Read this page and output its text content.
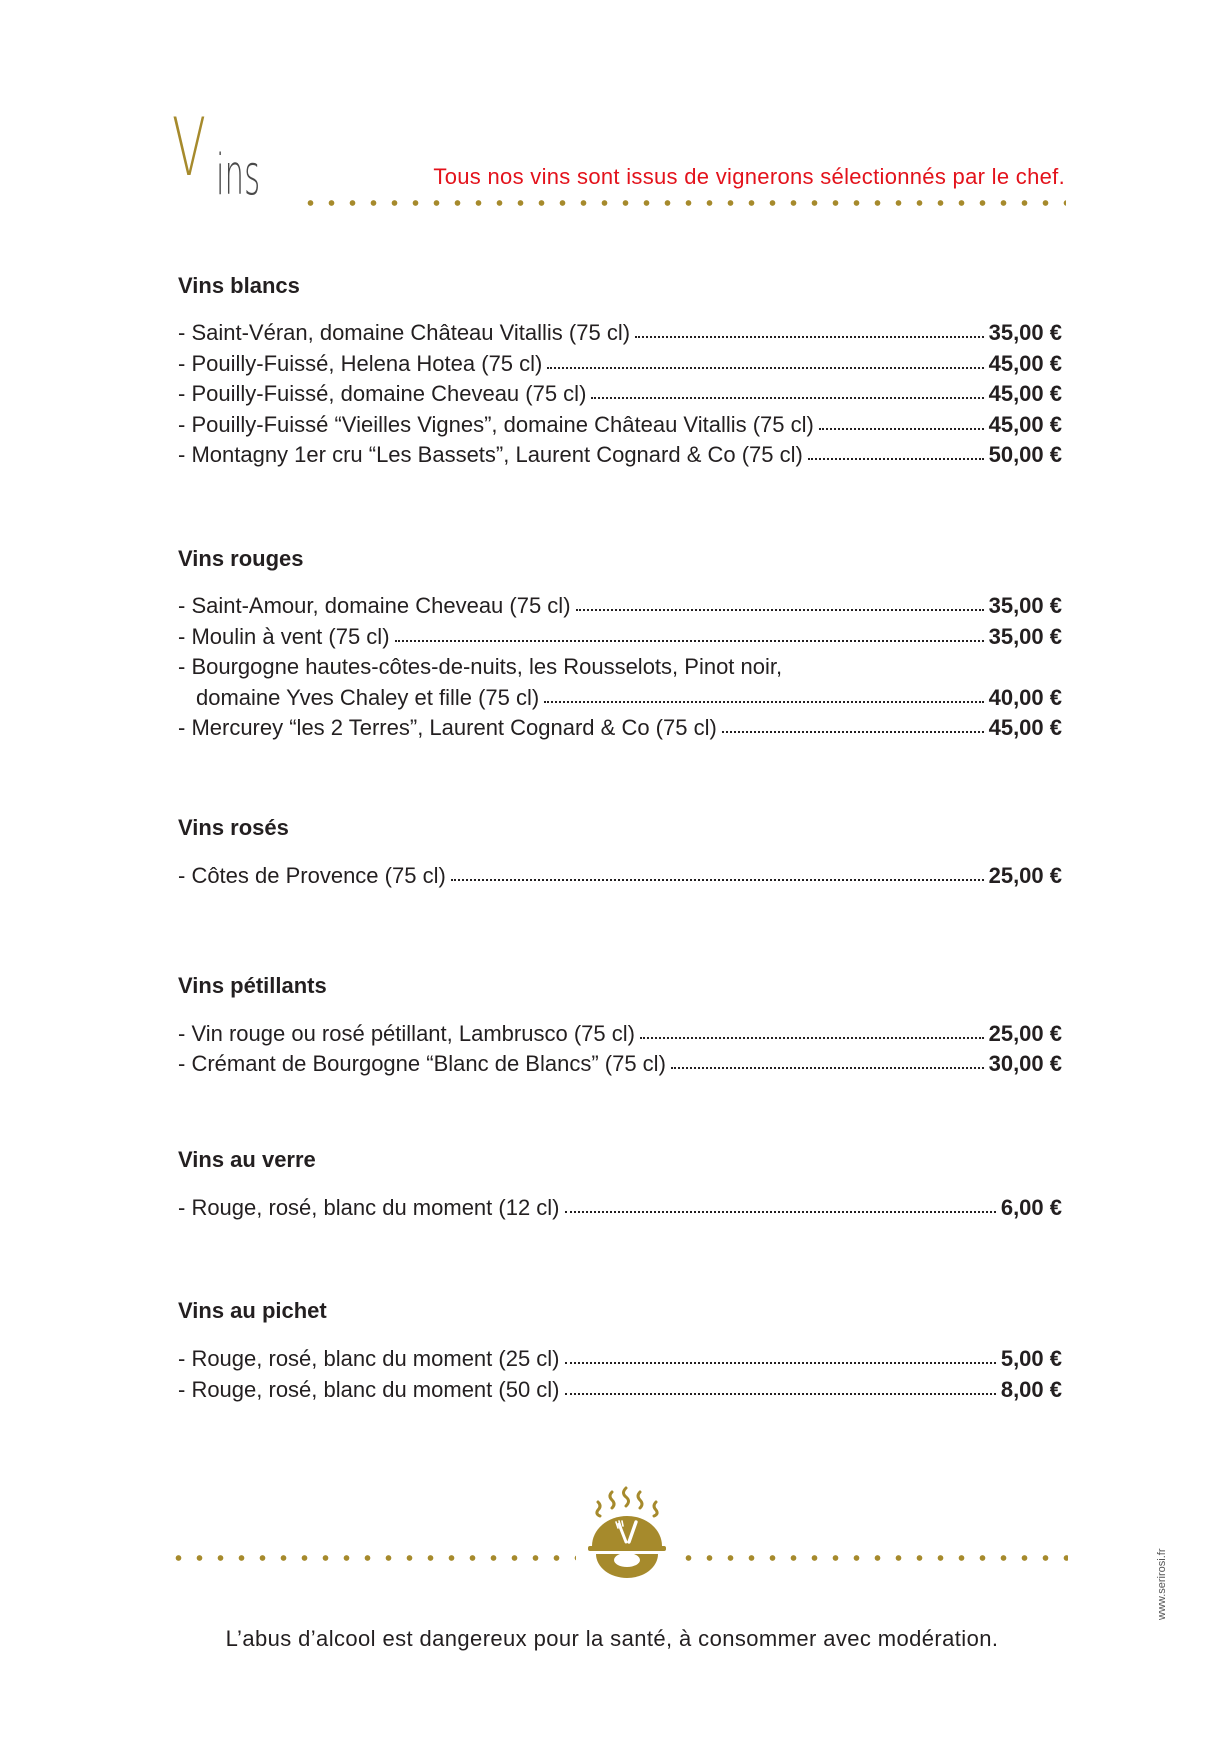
V ins	Tous nos vins sont issus de vignerons sélectionnés par le chef.
Vins blancs
- Saint-Véran, domaine Château Vitallis (75 cl)	35,00 €
- Pouilly-Fuissé, Helena Hotea (75 cl)	45,00 €
- Pouilly-Fuissé, domaine Cheveau (75 cl)	45,00 €
- Pouilly-Fuissé “Vieilles Vignes”, domaine Château Vitallis (75 cl)	45,00 €
- Montagny 1er cru “Les Bassets”, Laurent Cognard & Co (75 cl)	50,00 €
Vins rouges
- Saint-Amour, domaine Cheveau (75 cl)	35,00 €
- Moulin à vent (75 cl)	35,00 €
- Bourgogne hautes-côtes-de-nuits, les Rousselots, Pinot noir,
domaine Yves Chaley et fille (75 cl)	40,00 €
- Mercurey “les 2 Terres”, Laurent Cognard & Co (75 cl)	45,00 €
Vins rosés
- Côtes de Provence (75 cl)	25,00 €
Vins pétillants
- Vin rouge ou rosé pétillant, Lambrusco (75 cl)	25,00 €
- Crémant de Bourgogne “Blanc de Blancs” (75 cl)	30,00 €
Vins au verre
- Rouge, rosé, blanc du moment (12 cl)	6,00 €
Vins au pichet
- Rouge, rosé, blanc du moment (25 cl)	5,00 €
- Rouge, rosé, blanc du moment (50 cl)	8,00 €
L’abus d’alcool est dangereux pour la santé, à consommer avec modération.
www.serirosi.fr
